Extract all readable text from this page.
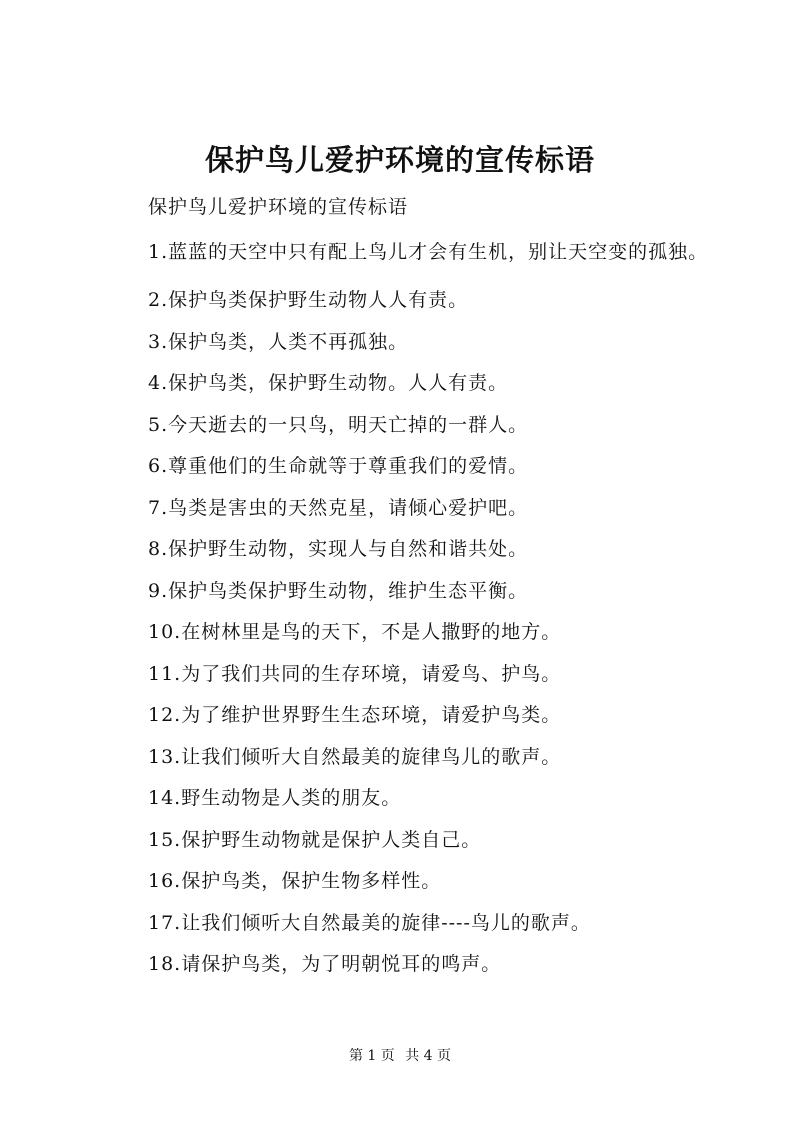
保护鸟儿爱护环境的宣传标语
保护鸟儿爱护环境的宣传标语
1.蓝蓝的天空中只有配上鸟儿才会有生机，别让天空变的孤独。
2.保护鸟类保护野生动物人人有责。
3.保护鸟类，人类不再孤独。
4.保护鸟类，保护野生动物。人人有责。
5.今天逝去的一只鸟，明天亡掉的一群人。
6.尊重他们的生命就等于尊重我们的爱情。
7.鸟类是害虫的天然克星，请倾心爱护吧。
8.保护野生动物，实现人与自然和谐共处。
9.保护鸟类保护野生动物，维护生态平衡。
10.在树林里是鸟的天下，不是人撒野的地方。
11.为了我们共同的生存环境，请爱鸟、护鸟。
12.为了维护世界野生生态环境，请爱护鸟类。
13.让我们倾听大自然最美的旋律鸟儿的歌声。
14.野生动物是人类的朋友。
15.保护野生动物就是保护人类自己。
16.保护鸟类，保护生物多样性。
17.让我们倾听大自然最美的旋律----鸟儿的歌声。
18.请保护鸟类，为了明朝悦耳的鸣声。
第 1 页 共 4 页
